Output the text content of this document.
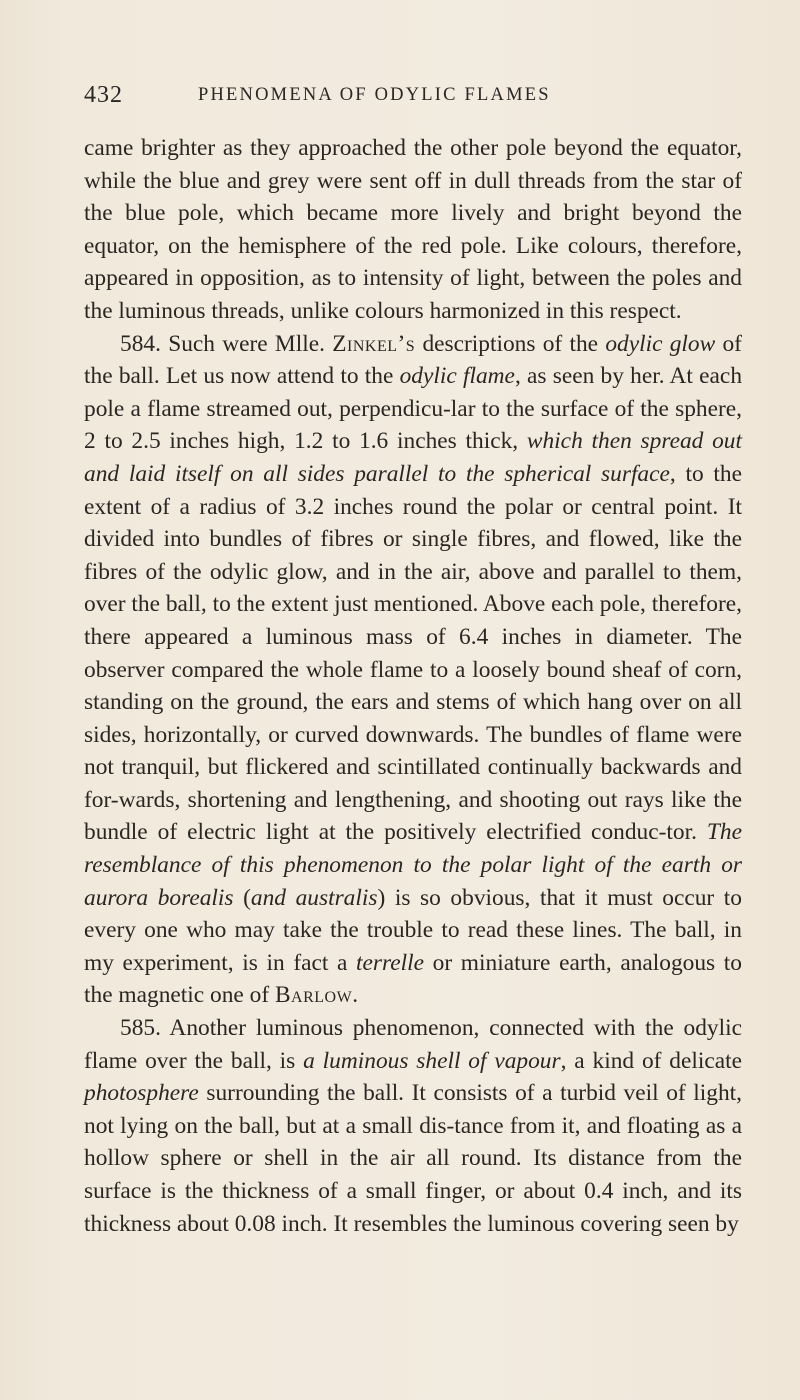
432	PHENOMENA OF ODYLIC FLAMES

came brighter as they approached the other pole beyond the equator, while the blue and grey were sent off in dull threads from the star of the blue pole, which became more lively and bright beyond the equator, on the hemisphere of the red pole. Like colours, therefore, appeared in opposition, as to intensity of light, between the poles and the luminous threads, unlike colours harmonized in this respect.

584. Such were Mlle. Zinkel’s descriptions of the odylic glow of the ball. Let us now attend to the odylic flame, as seen by her. At each pole a flame streamed out, perpendicu-lar to the surface of the sphere, 2 to 2.5 inches high, 1.2 to 1.6 inches thick, which then spread out and laid itself on all sides parallel to the spherical surface, to the extent of a radius of 3.2 inches round the polar or central point. It divided into bundles of fibres or single fibres, and flowed, like the fibres of the odylic glow, and in the air, above and parallel to them, over the ball, to the extent just mentioned. Above each pole, therefore, there appeared a luminous mass of 6.4 inches in diameter. The observer compared the whole flame to a loosely bound sheaf of corn, standing on the ground, the ears and stems of which hang over on all sides, horizontally, or curved downwards. The bundles of flame were not tranquil, but flickered and scintillated continually backwards and for-wards, shortening and lengthening, and shooting out rays like the bundle of electric light at the positively electrified conduc-tor. The resemblance of this phenomenon to the polar light of the earth or aurora borealis (and australis) is so obvious, that it must occur to every one who may take the trouble to read these lines. The ball, in my experiment, is in fact a terrelle or miniature earth, analogous to the magnetic one of Barlow.

585. Another luminous phenomenon, connected with the odylic flame over the ball, is a luminous shell of vapour, a kind of delicate photosphere surrounding the ball. It consists of a turbid veil of light, not lying on the ball, but at a small dis-tance from it, and floating as a hollow sphere or shell in the air all round. Its distance from the surface is the thickness of a small finger, or about 0.4 inch, and its thickness about 0.08 inch. It resembles the luminous covering seen by
